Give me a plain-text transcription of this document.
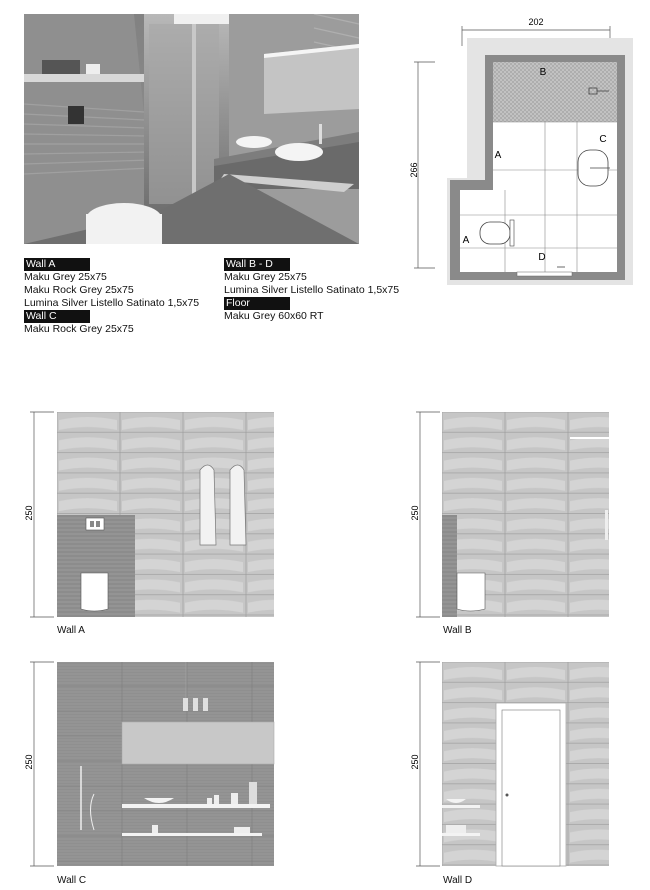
Wall A
Maku Grey 25x75
Maku Rock Grey 25x75
Lumina Silver Listello Satinato 1,5x75
Wall C
Maku Rock Grey 25x75
Wall B - D
Maku Grey 25x75
Lumina Silver Listello Satinato 1,5x75
Floor
Maku Grey 60x60 RT
202
266
B
C
A
A
D
250
Wall A
250
Wall B
250
Wall C
250
Wall D
